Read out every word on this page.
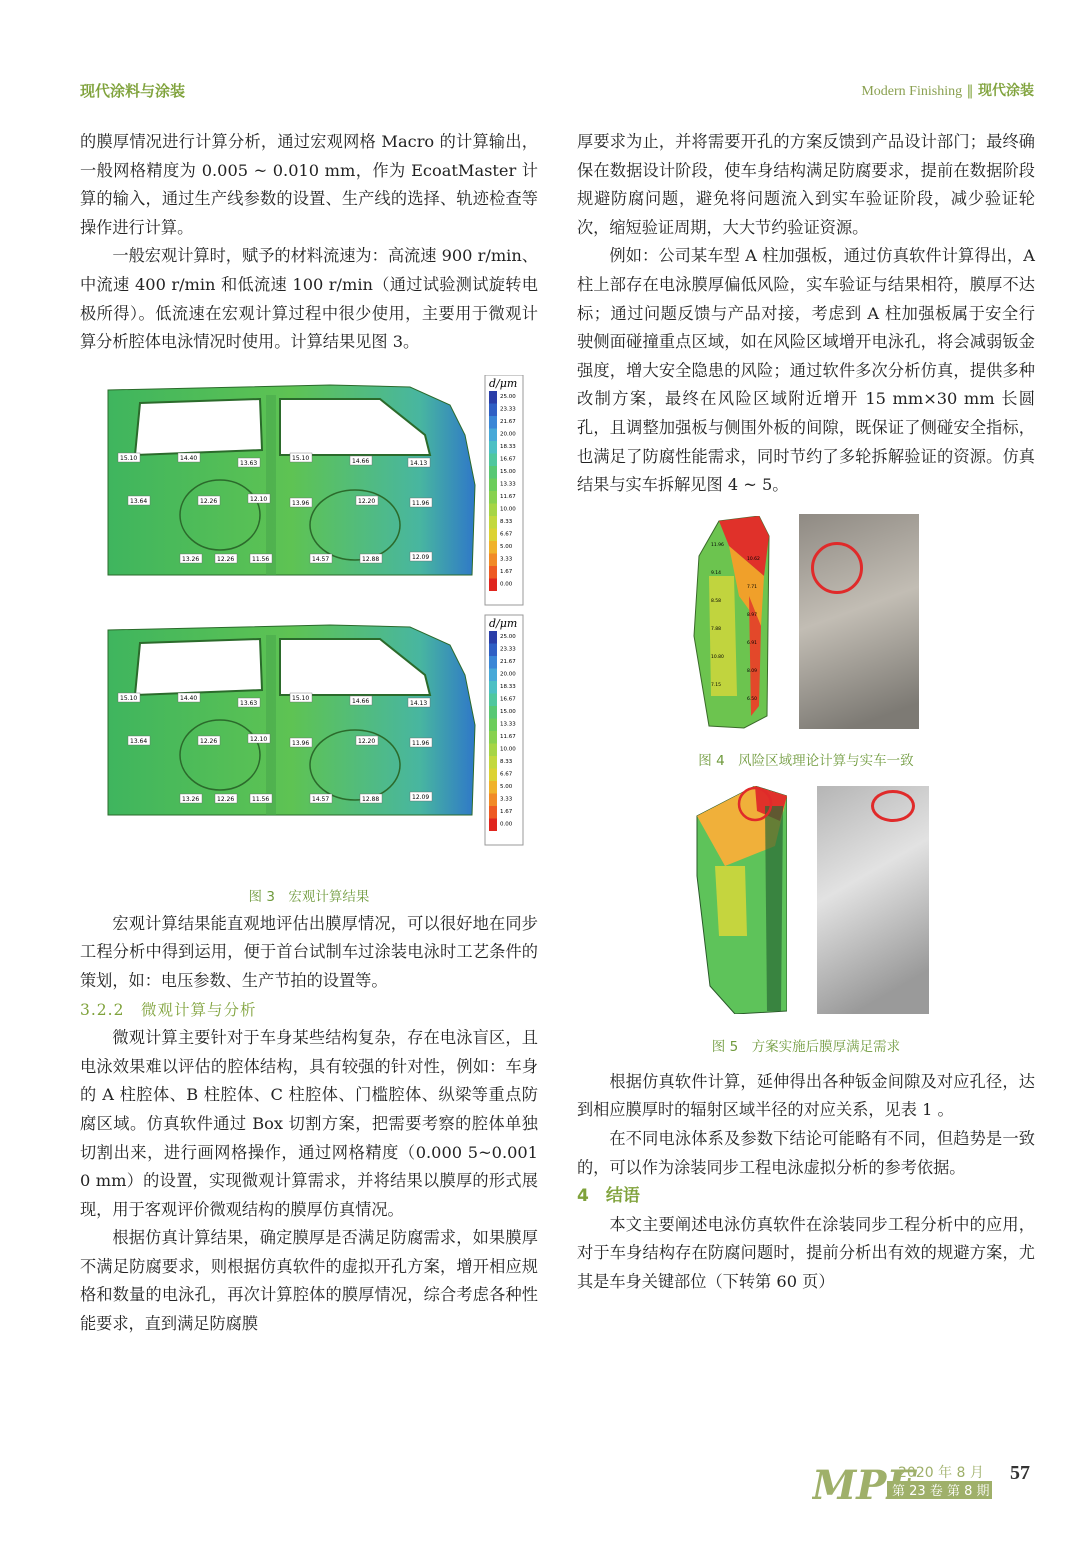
现代涂料与涂装	Modern Finishing ‖ 现代涂装

的膜厚情况进行计算分析，通过宏观网格 Macro 的计算输出，一般网格精度为 0.005 ~ 0.010 mm，作为 EcoatMaster 计算的输入，通过生产线参数的设置、生产线的选择、轨迹检查等操作进行计算。

一般宏观计算时，赋予的材料流速为：高流速 900 r/min、中流速 400 r/min 和低流速 100 r/min（通过试验测试旋转电极所得）。低流速在宏观计算过程中很少使用，主要用于微观计算分析腔体电泳情况时使用。计算结果见图 3。

15.10	14.40
13.63
15.10	14.66	14.13
13.64	12.26	12.10
13.96	12.20	11.96
13.26	12.26	11.56	14.57	12.88	12.09
15.10	14.40
13.63
15.10	14.66	14.13
13.64	12.26	12.10
13.96	12.20	11.96
13.26	12.26	11.56	14.57	12.88	12.09
d/μm
25.00
23.33
21.67
20.00
18.33
16.67
15.00
13.33
11.67
10.00
8.33
6.67
5.00
3.33
1.67
0.00
d/μm
25.00
23.33
21.67
20.00
18.33
16.67
15.00
13.33
11.67
10.00
8.33
6.67
5.00
3.33
1.67
0.00
图 3　宏观计算结果

宏观计算结果能直观地评估出膜厚情况，可以很好地在同步工程分析中得到运用，便于首台试制车过涂装电泳时工艺条件的策划，如：电压参数、生产节拍的设置等。

3.2.2　微观计算与分析

微观计算主要针对于车身某些结构复杂，存在电泳盲区，且电泳效果难以评估的腔体结构，具有较强的针对性，例如：车身的 A 柱腔体、B 柱腔体、C 柱腔体、门槛腔体、纵梁等重点防腐区域。仿真软件通过 Box 切割方案，把需要考察的腔体单独切割出来，进行画网格操作，通过网格精度（0.000 5~0.001 0 mm）的设置，实现微观计算需求，并将结果以膜厚的形式展现，用于客观评价微观结构的膜厚仿真情况。

根据仿真计算结果，确定膜厚是否满足防腐需求，如果膜厚不满足防腐要求，则根据仿真软件的虚拟开孔方案，增开相应规格和数量的电泳孔，再次计算腔体的膜厚情况，综合考虑各种性能要求，直到满足防腐膜

厚要求为止，并将需要开孔的方案反馈到产品设计部门；最终确保在数据设计阶段，使车身结构满足防腐要求，提前在数据阶段规避防腐问题，避免将问题流入到实车验证阶段，减少验证轮次，缩短验证周期，大大节约验证资源。

例如：公司某车型 A 柱加强板，通过仿真软件计算得出，A 柱上部存在电泳膜厚偏低风险，实车验证与结果相符，膜厚不达标；通过问题反馈与产品对接，考虑到 A 柱加强板属于安全行驶侧面碰撞重点区域，如在风险区域增开电泳孔，将会减弱钣金强度，增大安全隐患的风险；通过软件多次分析仿真，提供多种改制方案，最终在风险区域附近增开 15 mm×30 mm 长圆孔，且调整加强板与侧围外板的间隙，既保证了侧碰安全指标，也满足了防腐性能需求，同时节约了多轮拆解验证的资源。仿真结果与实车拆解见图 4 ~ 5。

11.96
10.62
9.14
7.71
8.58
8.97
7.88
6.91
10.80
8.09
7.15
6.50
图 4　风险区域理论计算与实车一致
图 5　方案实施后膜厚满足需求

根据仿真软件计算，延伸得出各种钣金间隙及对应孔径，达到相应膜厚时的辐射区域半径的对应关系，见表 1 。

在不同电泳体系及参数下结论可能略有不同，但趋势是一致的，可以作为涂装同步工程电泳虚拟分析的参考依据。

4　结语

本文主要阐述电泳仿真软件在涂装同步工程分析中的应用，对于车身结构存在防腐问题时，提前分析出有效的规避方案，尤其是车身关键部位（下转第 60 页）

MPF
2020 年 8 月
第 23 卷 第 8 期
57
